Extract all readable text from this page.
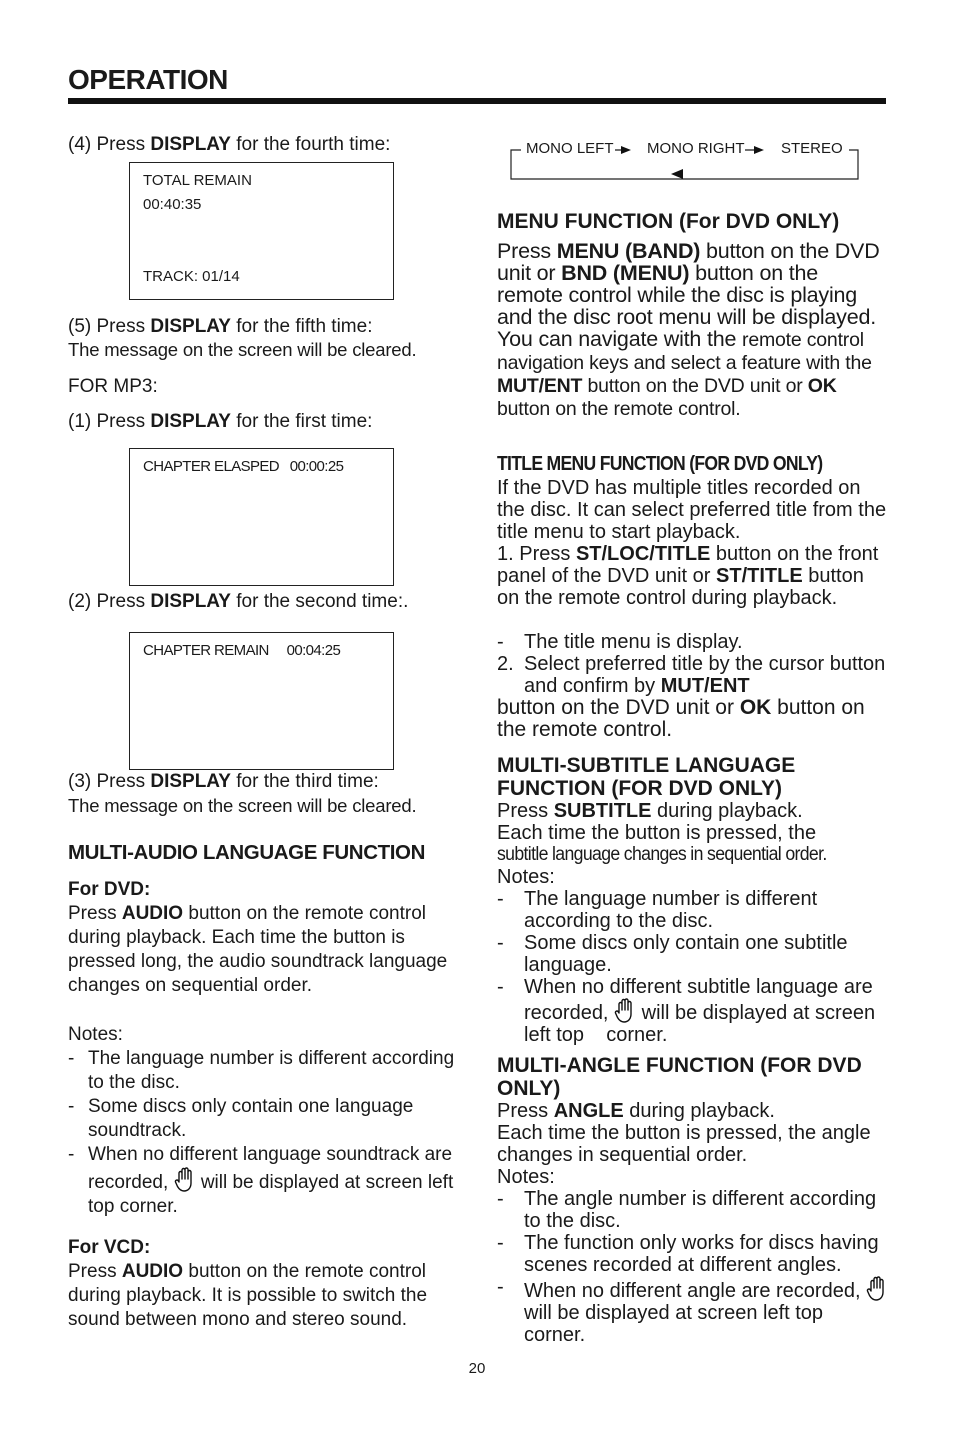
OPERATION
(4) Press DISPLAY for the fourth time:
TOTAL REMAIN
00:40:35
TRACK: 01/14
(5) Press DISPLAY for the fifth time:
The message on the screen will be cleared.
FOR MP3:
(1) Press DISPLAY for the first time:
CHAPTER ELASPED   00:00:25
(2) Press DISPLAY for the second time:.
CHAPTER REMAIN     00:04:25
(3) Press DISPLAY for the third time:
The message on the screen will be cleared.
MULTI-AUDIO LANGUAGE FUNCTION
For DVD:
Press AUDIO button on the remote control during playback. Each time the button is pressed long, the audio soundtrack language changes on sequential order.
Notes:
- The language number is different according to the disc.
- Some discs only contain one language soundtrack.
- When no different language soundtrack are recorded,  will be displayed at screen left top corner.
For VCD:
Press AUDIO button on the remote control during playback. It is possible to switch the sound between mono and stereo sound.
MONO LEFT MONO RIGHT STEREO
MENU FUNCTION (For DVD ONLY)
Press MENU (BAND) button on the DVD unit or BND (MENU) button on the remote control while the disc is playing and the disc root menu will be displayed. You can navigate with the remote control navigation keys and select a feature with the MUT/ENT button on the DVD unit or OK button on the remote control.
TITLE MENU FUNCTION (FOR DVD ONLY)
If the DVD has multiple titles recorded on the disc. It can select preferred title from the title menu to start playback.
1. Press ST/LOC/TITLE button on the front panel of the DVD unit or ST/TITLE button on the remote control during playback.
- The title menu is display.
2. Select preferred title by the cursor button and confirm by MUT/ENT
button on the DVD unit or OK button on the remote control.
MULTI-SUBTITLE LANGUAGE FUNCTION (FOR DVD ONLY)
Press SUBTITLE during playback.
Each time the button is pressed, the
subtitle language changes in sequential order.
Notes:
- The language number is different according to the disc.
- Some discs only contain one subtitle language.
- When no different subtitle language are recorded,  will be displayed at screen left top    corner.
MULTI-ANGLE FUNCTION (FOR DVD ONLY)
Press ANGLE during playback.
Each time the button is pressed, the angle changes in sequential order.
Notes:
- The angle number is different according to the disc.
- The function only works for discs having scenes recorded at different angles.
- When no different angle are recorded,  will be displayed at screen left top corner.
20
